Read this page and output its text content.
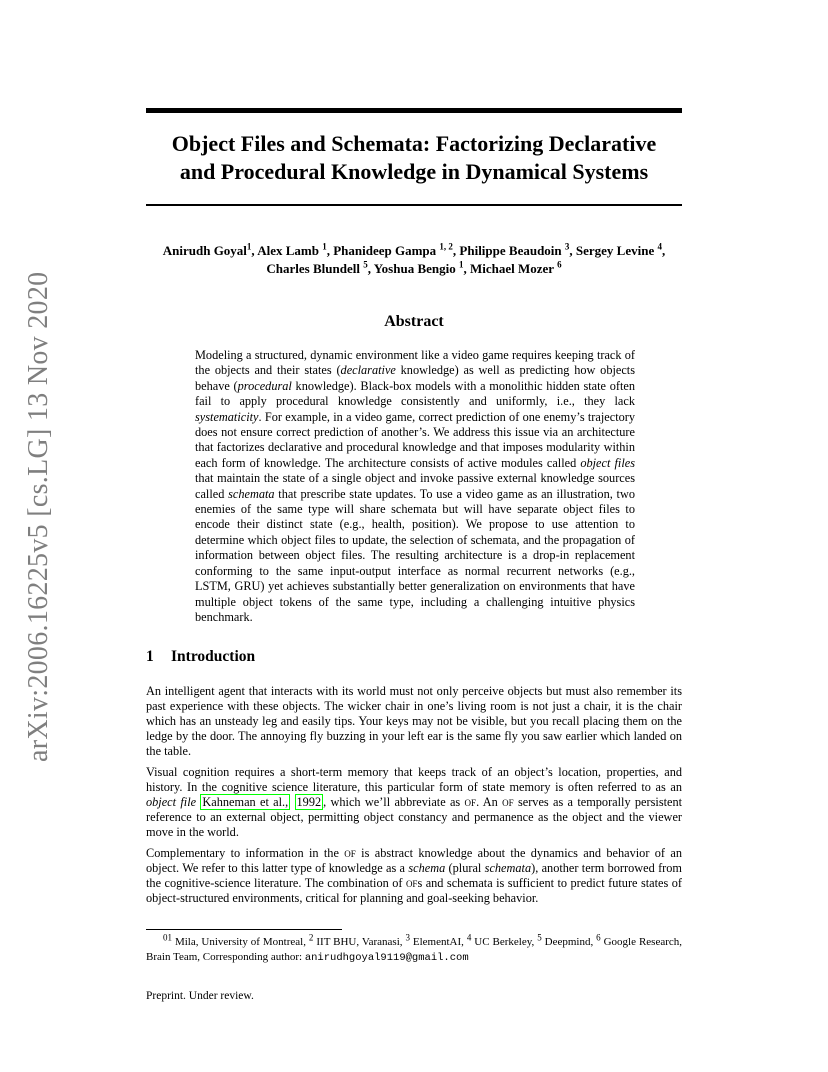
arXiv:2006.16225v5 [cs.LG] 13 Nov 2020
Object Files and Schemata: Factorizing Declarative
and Procedural Knowledge in Dynamical Systems
Anirudh Goyal$^1$, Alex Lamb $^1$, Phanideep Gampa $^{1, 2}$, Philippe Beaudoin $^3$, Sergey Levine $^4$,
Charles Blundell $^5$, Yoshua Bengio $^1$, Michael Mozer $^6$
Abstract
Modeling a structured, dynamic environment like a video game requires keeping track of the objects and their states (declarative knowledge) as well as predicting how objects behave (procedural knowledge). Black-box models with a monolithic hidden state often fail to apply procedural knowledge consistently and uniformly, i.e., they lack systematicity. For example, in a video game, correct prediction of one enemy’s trajectory does not ensure correct prediction of another’s. We address this issue via an architecture that factorizes declarative and procedural knowledge and that imposes modularity within each form of knowledge. The architecture consists of active modules called object files that maintain the state of a single object and invoke passive external knowledge sources called schemata that prescribe state updates. To use a video game as an illustration, two enemies of the same type will share schemata but will have separate object files to encode their distinct state (e.g., health, position). We propose to use attention to determine which object files to update, the selection of schemata, and the propagation of information between object files. The resulting architecture is a drop-in replacement conforming to the same input-output interface as normal recurrent networks (e.g., LSTM, GRU) yet achieves substantially better generalization on environments that have multiple object tokens of the same type, including a challenging intuitive physics benchmark.
1 Introduction

An intelligent agent that interacts with its world must not only perceive objects but must also remember its past experience with these objects. The wicker chair in one’s living room is not just a chair, it is the chair which has an unsteady leg and easily tips. Your keys may not be visible, but you recall placing them on the ledge by the door. The annoying fly buzzing in your left ear is the same fly you saw earlier which landed on the table.

Visual cognition requires a short-term memory that keeps track of an object’s location, properties, and history. In the cognitive science literature, this particular form of state memory is often referred to as an object file Kahneman et al., 1992 , which we’ll abbreviate as of. An of serves as a temporally persistent reference to an external object, permitting object constancy and permanence as the object and the viewer move in the world.

Complementary to information in the of is abstract knowledge about the dynamics and behavior of an object. We refer to this latter type of knowledge as a schema (plural schemata), another term borrowed from the cognitive-science literature. The combination of ofs and schemata is sufficient to predict future states of object-structured environments, critical for planning and goal-seeking behavior.

$^{01}$ Mila, University of Montreal, $^2$ IIT BHU, Varanasi, $^3$ ElementAI, $^4$ UC Berkeley, $^5$ Deepmind, $^6$ Google Research, Brain Team, Corresponding author: anirudhgoyal9119@gmail.com
Preprint. Under review.
